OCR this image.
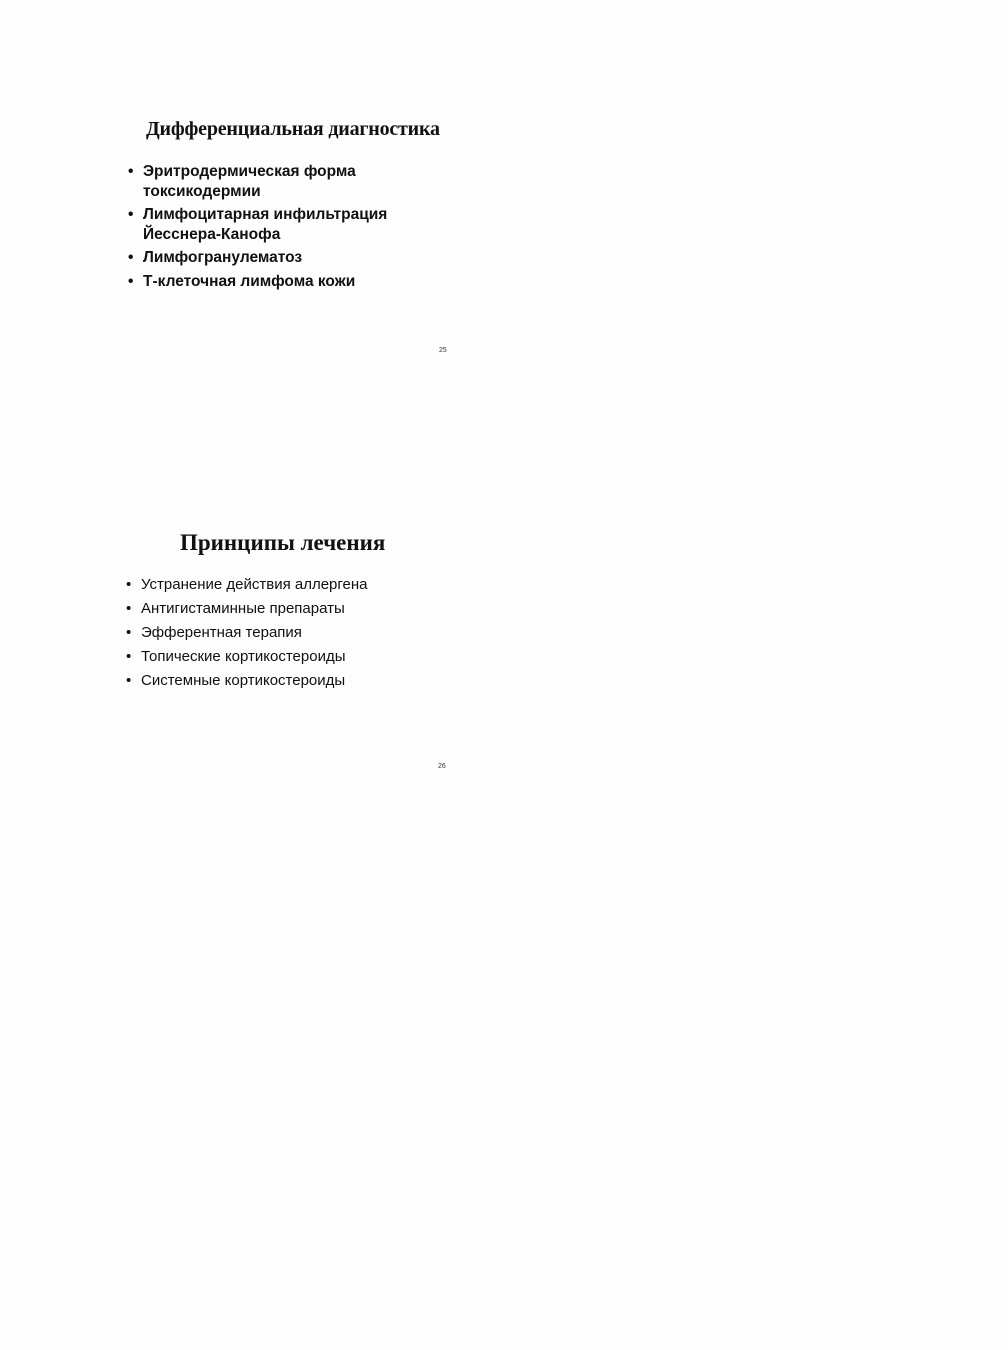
Дифференциальная диагностика
• Эритродермическая форма токсикодермии
• Лимфоцитарная инфильтрация Йесснера-Канофа
• Лимфогранулематоз
• Т-клеточная лимфома кожи
25
Принципы лечения
• Устранение действия аллергена
• Антигистаминные препараты
• Эфферентная терапия
• Топические кортикостероиды
• Системные кортикостероиды
26
